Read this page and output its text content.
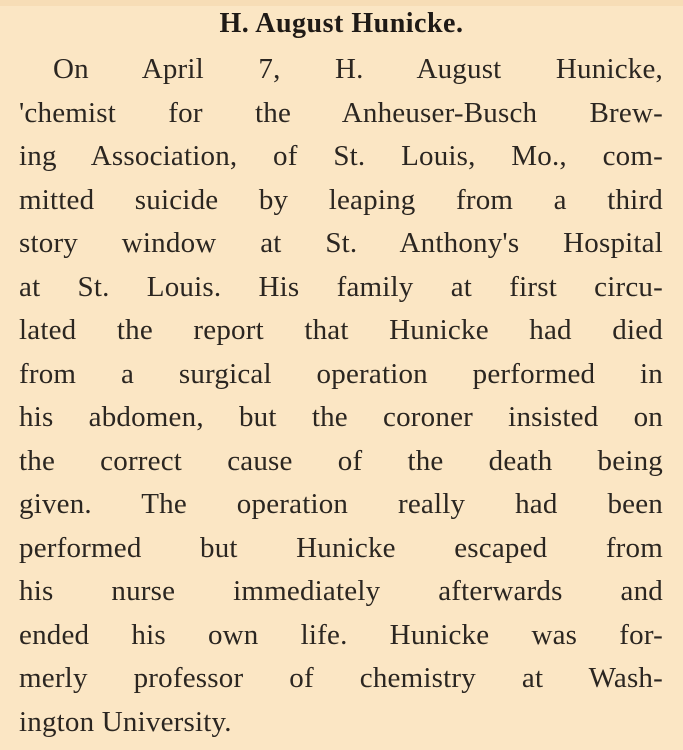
H. August Hunicke.
On April 7, H. August Hunicke,
'chemist for the Anheuser-Busch Brew-
ing Association, of St. Louis, Mo., com-
mitted suicide by leaping from a third
story window at St. Anthony's Hospital
at St. Louis. His family at first circu-
lated the report that Hunicke had died
from a surgical operation performed in
his abdomen, but the coroner insisted on
the correct cause of the death being
given. The operation really had been
performed but Hunicke escaped from
his nurse immediately afterwards and
ended his own life. Hunicke was for-
merly professor of chemistry at Wash-
ington University.
